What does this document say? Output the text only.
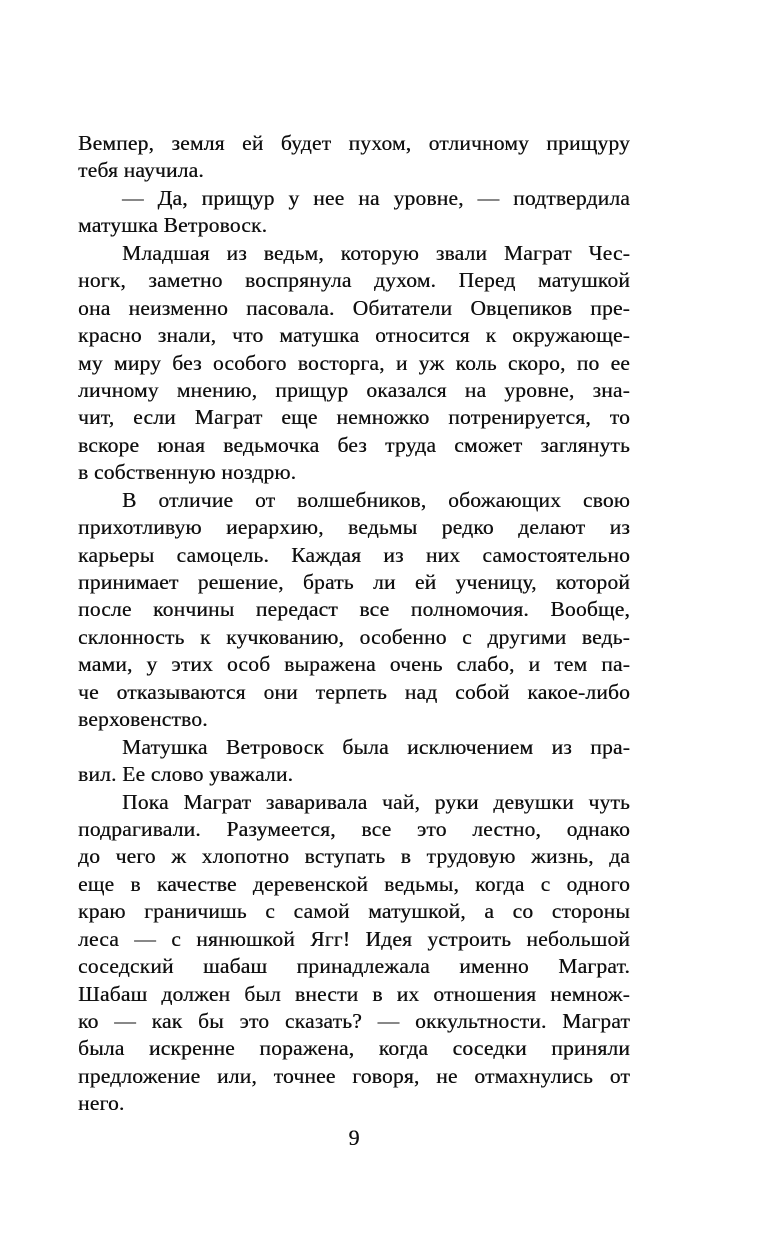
Вемпер, земля ей будет пухом, отличному прищуру
тебя научила.
— Да, прищур у нее на уровне, — подтвердила
матушка Ветровоск.
Младшая из ведьм, которую звали Маграт Чес-
ногк, заметно воспрянула духом. Перед матушкой
она неизменно пасовала. Обитатели Овцепиков пре-
красно знали, что матушка относится к окружающе-
му миру без особого восторга, и уж коль скоро, по ее
личному мнению, прищур оказался на уровне, зна-
чит, если Маграт еще немножко потренируется, то
вскоре юная ведьмочка без труда сможет заглянуть
в собственную ноздрю.
В отличие от волшебников, обожающих свою
прихотливую иерархию, ведьмы редко делают из
карьеры самоцель. Каждая из них самостоятельно
принимает решение, брать ли ей ученицу, которой
после кончины передаст все полномочия. Вообще,
склонность к кучкованию, особенно с другими ведь-
мами, у этих особ выражена очень слабо, и тем па-
че отказываются они терпеть над собой какое-либо
верховенство.
Матушка Ветровоск была исключением из пра-
вил. Ее слово уважали.
Пока Маграт заваривала чай, руки девушки чуть
подрагивали. Разумеется, все это лестно, однако
до чего ж хлопотно вступать в трудовую жизнь, да
еще в качестве деревенской ведьмы, когда с одного
краю граничишь с самой матушкой, а со стороны
леса — с нянюшкой Ягг! Идея устроить небольшой
соседский шабаш принадлежала именно Маграт.
Шабаш должен был внести в их отношения немнож-
ко — как бы это сказать? — оккультности. Маграт
была искренне поражена, когда соседки приняли
предложение или, точнее говоря, не отмахнулись от
него.
9
